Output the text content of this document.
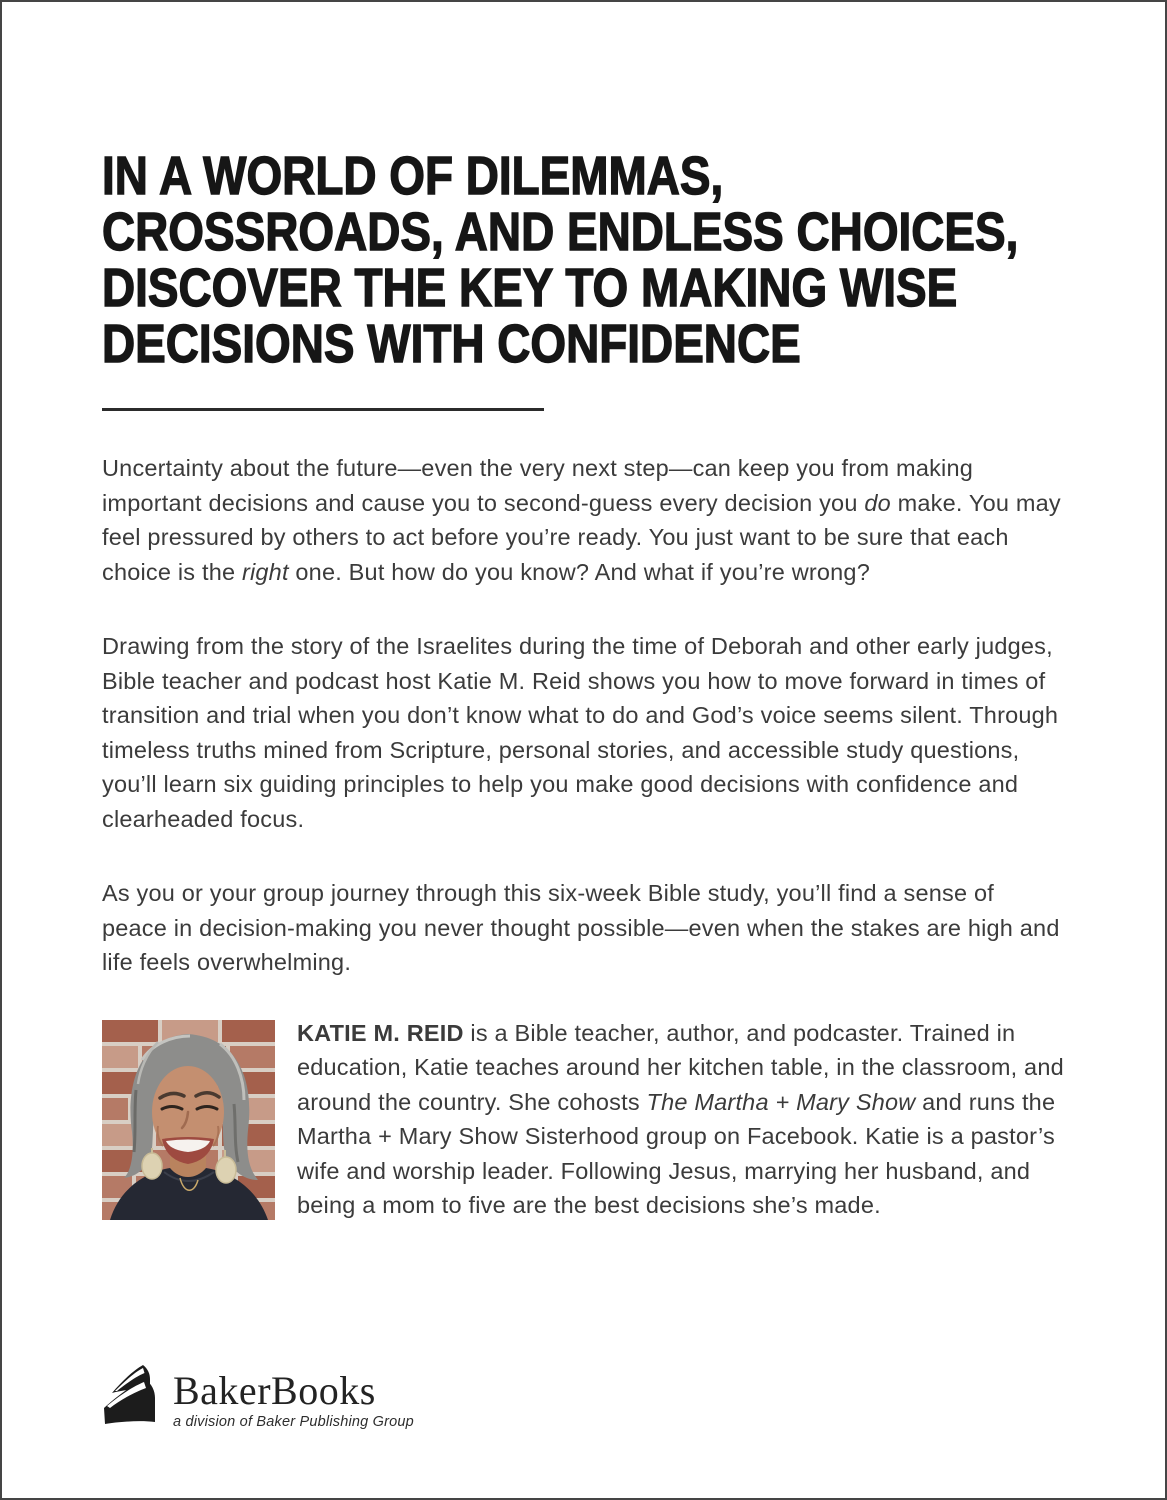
IN A WORLD OF DILEMMAS,
CROSSROADS, AND ENDLESS CHOICES,
DISCOVER THE KEY TO MAKING WISE
DECISIONS WITH CONFIDENCE

Uncertainty about the future—even the very next step—can keep you from making important decisions and cause you to second-guess every decision you do make. You may feel pressured by others to act before you’re ready. You just want to be sure that each choice is the right one. But how do you know? And what if you’re wrong?

Drawing from the story of the Israelites during the time of Deborah and other early judges, Bible teacher and podcast host Katie M. Reid shows you how to move forward in times of transition and trial when you don’t know what to do and God’s voice seems silent. Through timeless truths mined from Scripture, personal stories, and accessible study questions, you’ll learn six guiding principles to help you make good decisions with confidence and clearheaded focus.

As you or your group journey through this six-week Bible study, you’ll find a sense of peace in decision-making you never thought possible—even when the stakes are high and life feels overwhelming.

KATIE M. REID is a Bible teacher, author, and podcaster. Trained in education, Katie teaches around her kitchen table, in the classroom, and around the country. She cohosts The Martha + Mary Show and runs the Martha + Mary Show Sisterhood group on Facebook. Katie is a pastor’s wife and worship leader. Following Jesus, marrying her husband, and being a mom to five are the best decisions she’s made.

BakerBooks
a division of Baker Publishing Group
